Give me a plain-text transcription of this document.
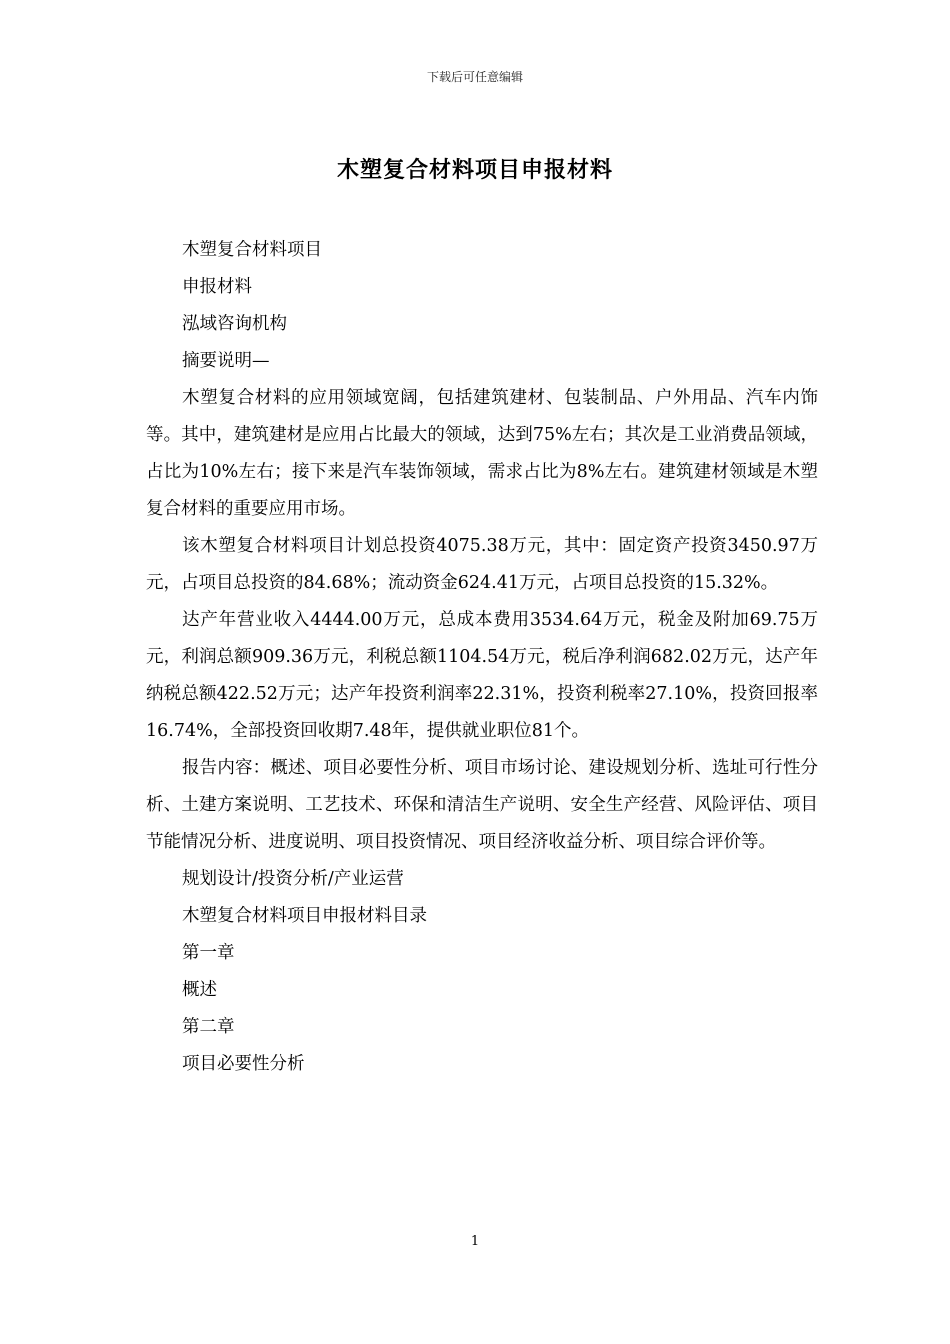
下载后可任意编辑
木塑复合材料项目申报材料

木塑复合材料项目

申报材料

泓域咨询机构

摘要说明—

木塑复合材料的应用领域宽阔，包括建筑建材、包装制品、户外用品、汽车内饰等。其中，建筑建材是应用占比最大的领域，达到75%左右；其次是工业消费品领域，占比为10%左右；接下来是汽车装饰领域，需求占比为8%左右。建筑建材领域是木塑复合材料的重要应用市场。

该木塑复合材料项目计划总投资4075.38万元，其中：固定资产投资3450.97万元，占项目总投资的84.68%；流动资金624.41万元，占项目总投资的15.32%。

达产年营业收入4444.00万元，总成本费用3534.64万元，税金及附加69.75万元，利润总额909.36万元，利税总额1104.54万元，税后净利润682.02万元，达产年纳税总额422.52万元；达产年投资利润率22.31%，投资利税率27.10%，投资回报率16.74%，全部投资回收期7.48年，提供就业职位81个。

报告内容：概述、项目必要性分析、项目市场讨论、建设规划分析、选址可行性分析、土建方案说明、工艺技术、环保和清洁生产说明、安全生产经营、风险评估、项目节能情况分析、进度说明、项目投资情况、项目经济收益分析、项目综合评价等。

规划设计/投资分析/产业运营

木塑复合材料项目申报材料目录

第一章

概述

第二章

项目必要性分析

1
